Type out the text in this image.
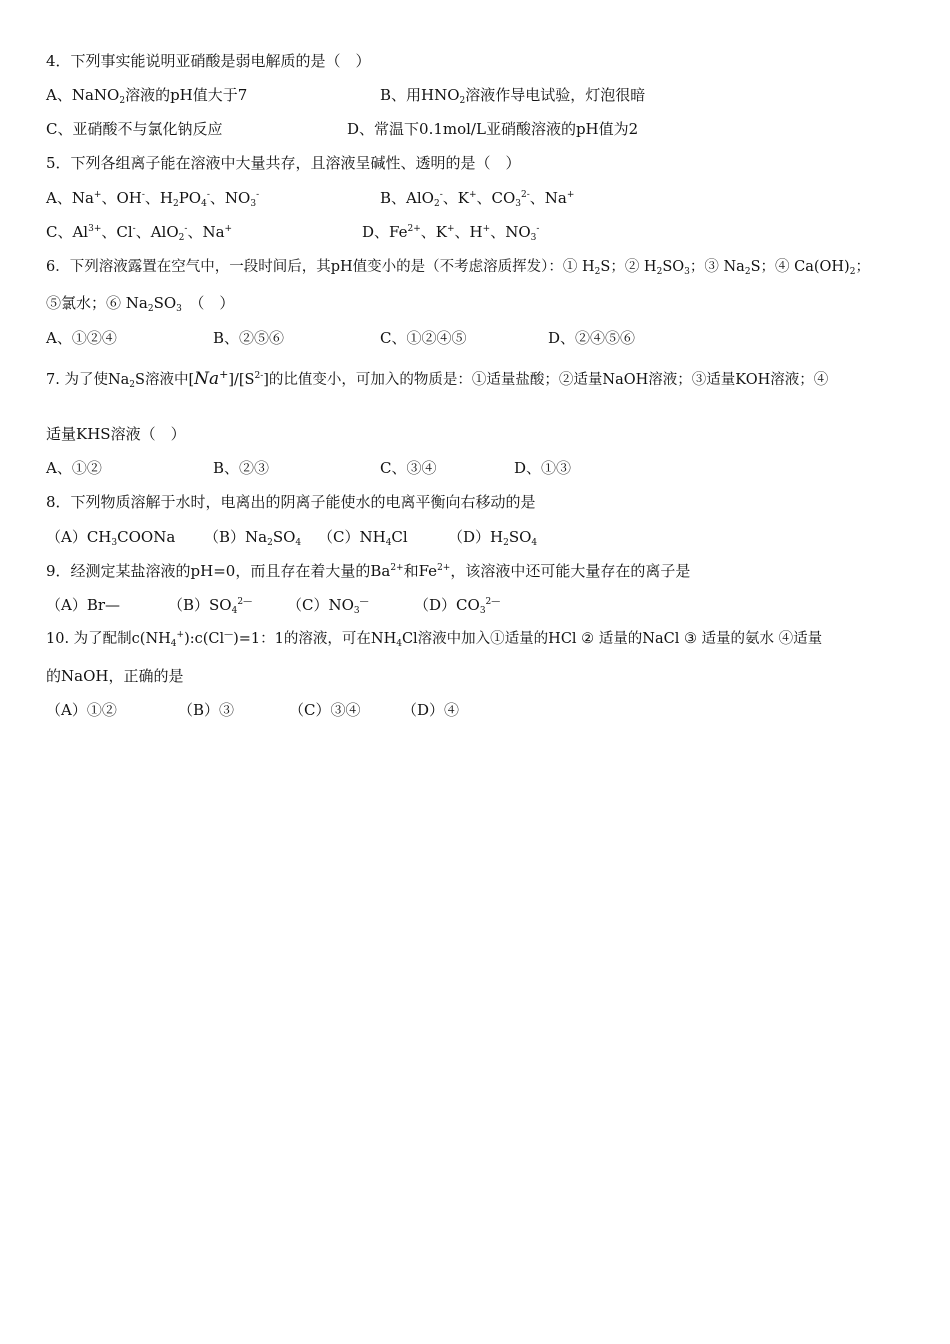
4．下列事实能说明亚硝酸是弱电解质的是（　）
A、NaNO$_2$溶液的pH值大于7	B、用$HNO_2$溶液作导电试验，灯泡很暗
C、亚硝酸不与氯化钠反应	D、常温下0.1mol/L亚硝酸溶液的pH值为2
5．下列各组离子能在溶液中大量共存，且溶液呈碱性、透明的是（　）
A、Na+、OH-、$H_2PO_4^-$、$NO_3^-$	B、AlO$_2$-、K+、$CO_3^{2-}$、Na+
C、$Al^{3+}$、Cl-、AlO$_2$-、Na+	D、$Fe^{2+}$、K+、H+、$NO_3^-$
6．下列溶液露置在空气中，一段时间后，其pH值变小的是（不考虑溶质挥发）：① $H_2S$；② $H_2SO_3$；③ $Na_2S$；④ $Ca(OH)_2$；
⑤氯水；⑥ $Na_2SO_3$　（　）
A、①②④	B、②⑤⑥	C、①②④⑤	D、②④⑤⑥
7. 为了使$Na_2S$溶液中$[Na^+]/[S^{2-}]$的比值变小，可加入的物质是：①适量盐酸；②适量NaOH溶液；③适量KOH溶液；④
适量KHS溶液（　）
A、①②	B、②③	C、③④	D、①③
8．下列物质溶解于水时，电离出的阴离子能使水的电离平衡向右移动的是
$(A)CH_3COONa$ $(B)Na_2SO_4$ $(C)NH_4Cl$	$(D)H_2SO_4$
9．经测定某盐溶液的pH=0，而且存在着大量的$Ba^{2+}$和$Fe^{2+}$，该溶液中还可能大量存在的离子是
（A）Br—	$(B)SO_4^{2—}$ $(C)NO_3^—$	$(D)CO_3^{2—}$
10. 为了配制$c(NH_4^+):c(Cl^—)=1$：1的溶液，可在$NH_4Cl$溶液中加入①适量的HCl ② 适量的NaCl ③ 适量的氨水 ④适量
的NaOH，正确的是
（A）①②	（B）③	（C）③④	（D）④
